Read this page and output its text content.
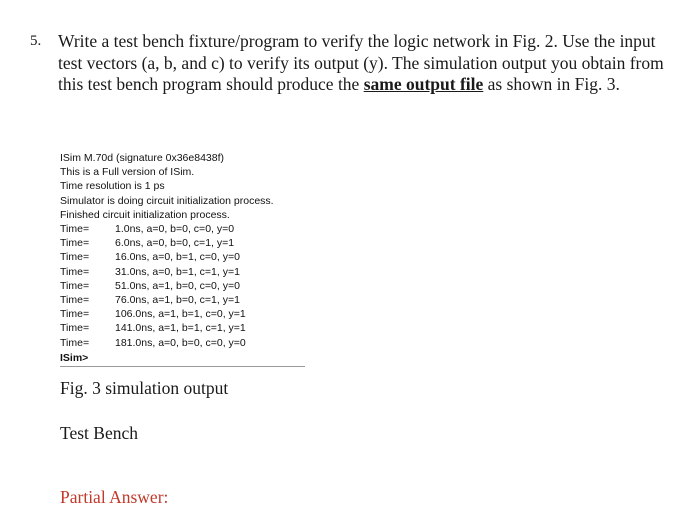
5. Write a test bench fixture/program to verify the logic network in Fig. 2. Use the input test vectors (a, b, and c) to verify its output (y). The simulation output you obtain from this test bench program should produce the same output file as shown in Fig. 3.
ISim M.70d (signature 0x36e8438f)
This is a Full version of ISim.
Time resolution is 1 ps
Simulator is doing circuit initialization process.
Finished circuit initialization process.
Time=	1.0ns, a=0, b=0, c=0, y=0
Time=	6.0ns, a=0, b=0, c=1, y=1
Time=	16.0ns, a=0, b=1, c=0, y=0
Time=	31.0ns, a=0, b=1, c=1, y=1
Time=	51.0ns, a=1, b=0, c=0, y=0
Time=	76.0ns, a=1, b=0, c=1, y=1
Time=	106.0ns, a=1, b=1, c=0, y=1
Time=	141.0ns, a=1, b=1, c=1, y=1
Time=	181.0ns, a=0, b=0, c=0, y=0
ISim>
Fig. 3 simulation output
Test Bench
Partial Answer:
